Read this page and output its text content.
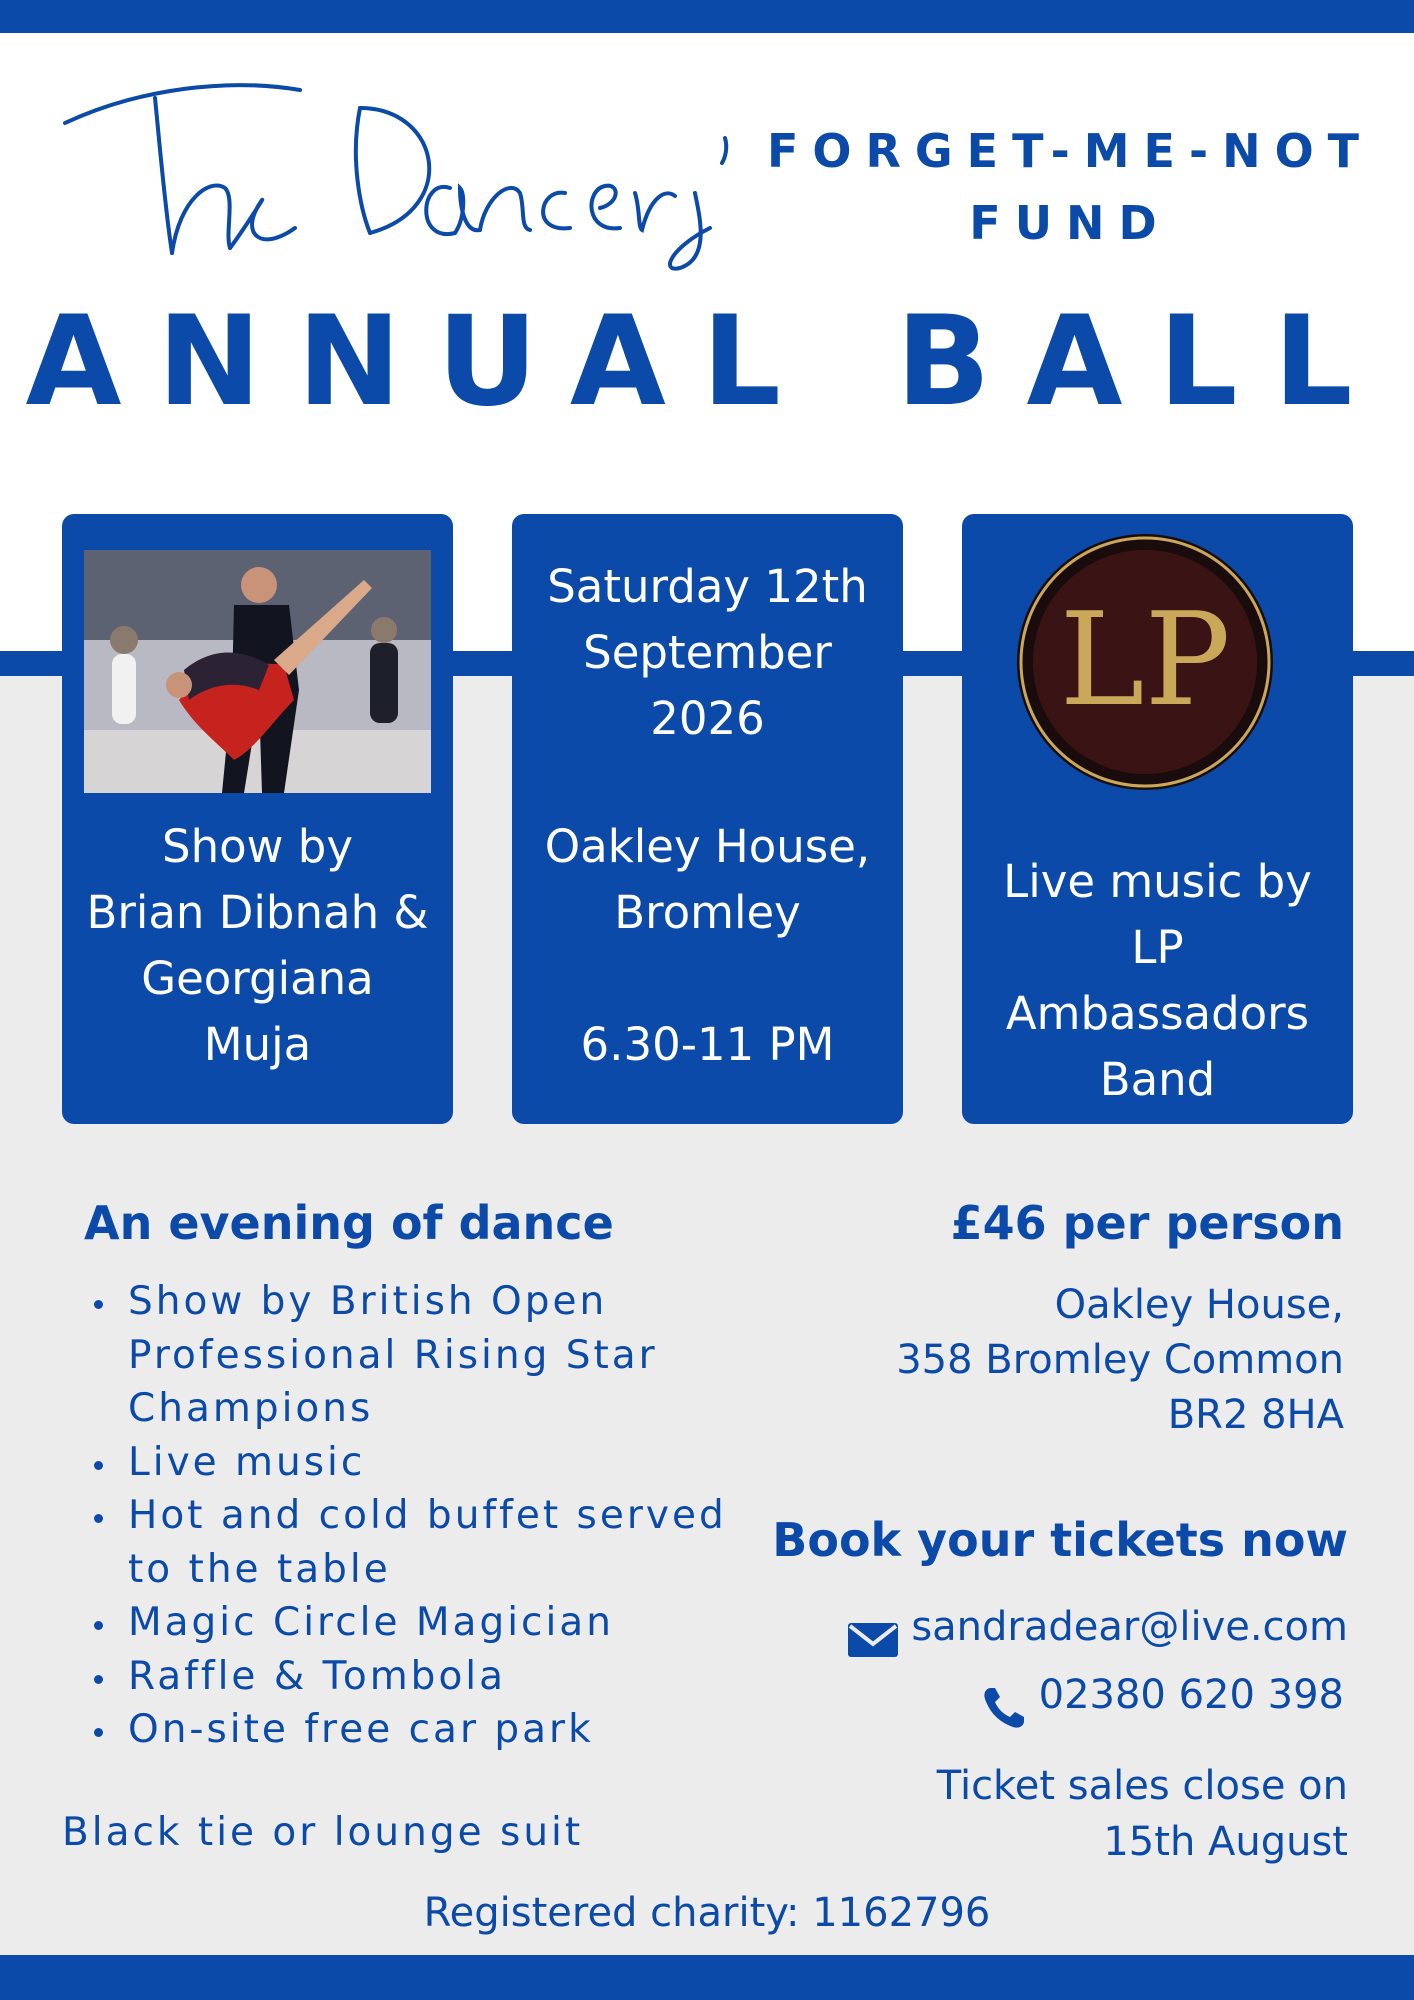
The Dancers'
FORGET-ME-NOT
FUND
ANNUAL BALL
Show by
Brian Dibnah &
Georgiana
Muja
Saturday 12th
September
2026
Oakley House,
Bromley
6.30-11 PM
LP
Live music by
LP
Ambassadors
Band
An evening of dance
Show by British Open
Professional Rising Star
Champions
Live music
Hot and cold buffet served
to the table
Magic Circle Magician
Raffle & Tombola
On-site free car park
Black tie or lounge suit
£46 per person
Oakley House,
358 Bromley Common
BR2 8HA
Book your tickets now
sandradear@live.com
02380 620 398
Ticket sales close on
15th August
Registered charity: 1162796
